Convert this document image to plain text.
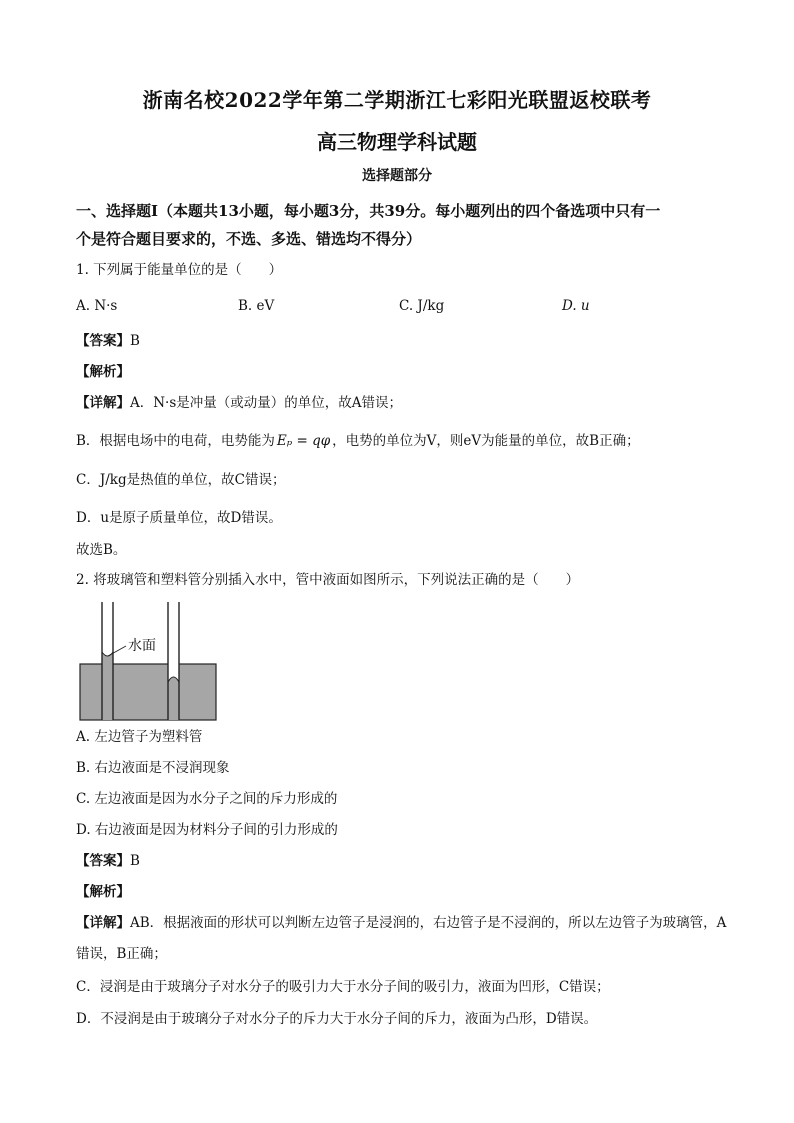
浙南名校2022学年第二学期浙江七彩阳光联盟返校联考
高三物理学科试题
选择题部分
一、选择题Ⅰ（本题共13小题，每小题3分，共39分。每小题列出的四个备选项中只有一
个是符合题目要求的，不选、多选、错选均不得分）
1. 下列属于能量单位的是（　　）
A. N·s	B. eV	C. J/kg	D. u
【答案】B
【解析】
【详解】A．N·s是冲量（或动量）的单位，故A错误；
B．根据电场中的电荷，电势能为 Eₚ = qφ ，电势的单位为V，则eV为能量的单位，故B正确；
C．J/kg是热值的单位，故C错误；
D．u是原子质量单位，故D错误。
故选B。
2. 将玻璃管和塑料管分别插入水中，管中液面如图所示，下列说法正确的是（　　）
水面
A. 左边管子为塑料管
B. 右边液面是不浸润现象
C. 左边液面是因为水分子之间的斥力形成的
D. 右边液面是因为材料分子间的引力形成的
【答案】B
【解析】
【详解】AB．根据液面的形状可以判断左边管子是浸润的，右边管子是不浸润的，所以左边管子为玻璃管，A
错误，B正确；
C．浸润是由于玻璃分子对水分子的吸引力大于水分子间的吸引力，液面为凹形，C错误；
D．不浸润是由于玻璃分子对水分子的斥力大于水分子间的斥力，液面为凸形，D错误。
